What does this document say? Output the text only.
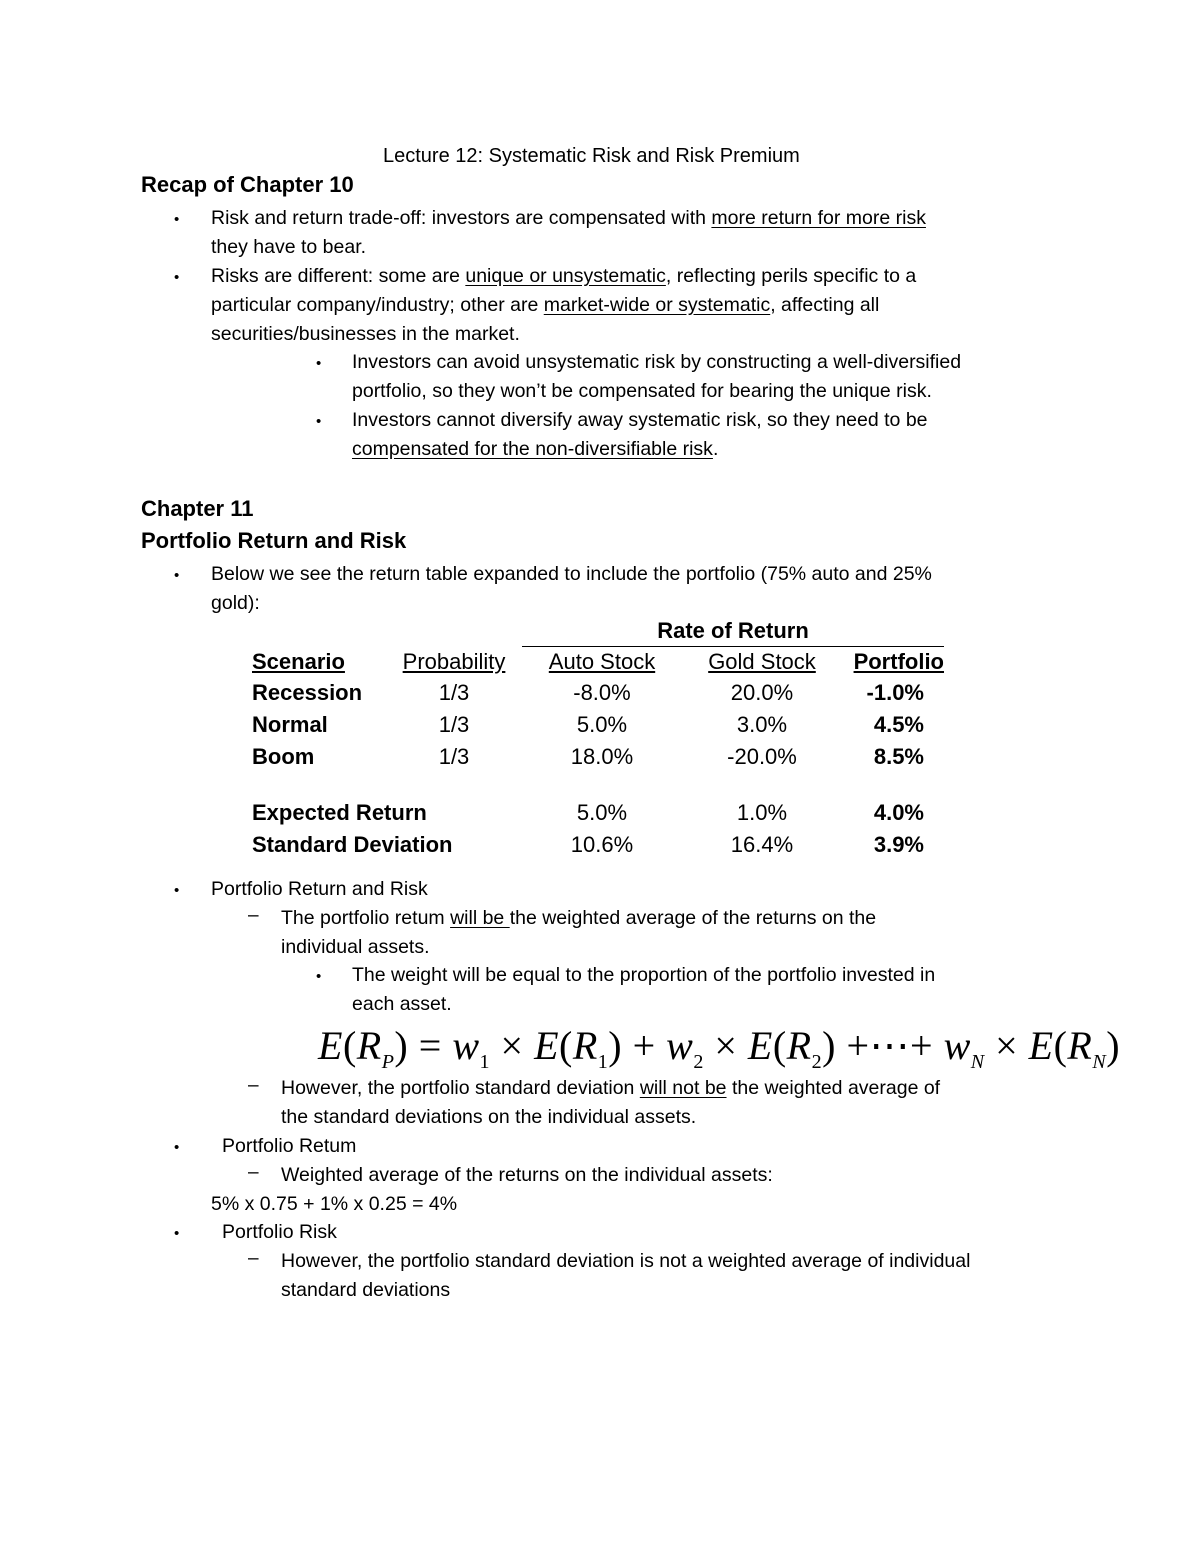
Lecture 12: Systematic Risk and Risk Premium
Recap of Chapter 10
• Risk and return trade-off: investors are compensated with more return for more risk
they have to bear.
• Risks are different: some are unique or unsystematic, reflecting perils specific to a
particular company/industry; other are market-wide or systematic, affecting all
securities/businesses in the market.
• Investors can avoid unsystematic risk by constructing a well-diversified
portfolio, so they won’t be compensated for bearing the unique risk.
• Investors cannot diversify away systematic risk, so they need to be
compensated for the non-diversifiable risk.
Chapter 11
Portfolio Return and Risk
• Below we see the return table expanded to include the portfolio (75% auto and 25%
gold):
		Rate of Return		
Scenario	Probability	Auto Stock	Gold Stock	Portfolio
Recession	1/3	-8.0%	20.0%	-1.0%
Normal	1/3	5.0%	3.0%	4.5%
Boom	1/3	18.0%	-20.0%	8.5%

Expected Return		5.0%	1.0%	4.0%
Standard Deviation		10.6%	16.4%	3.9%
• Portfolio Return and Risk
– The portfolio retum will be the weighted average of the returns on the
individual assets.
• The weight will be equal to the proportion of the portfolio invested in
each asset.
$E(R_P) = w_1 \times E(R_1) + w_2 \times E(R_2)$ +⋯+ $w_N \times E(R_N)$
– However, the portfolio standard deviation will not be the weighted average of
the standard deviations on the individual assets.
• Portfolio Retum
– Weighted average of the returns on the individual assets:
5% x 0.75 + 1% x 0.25 = 4%
• Portfolio Risk
– However, the portfolio standard deviation is not a weighted average of individual
standard deviations
